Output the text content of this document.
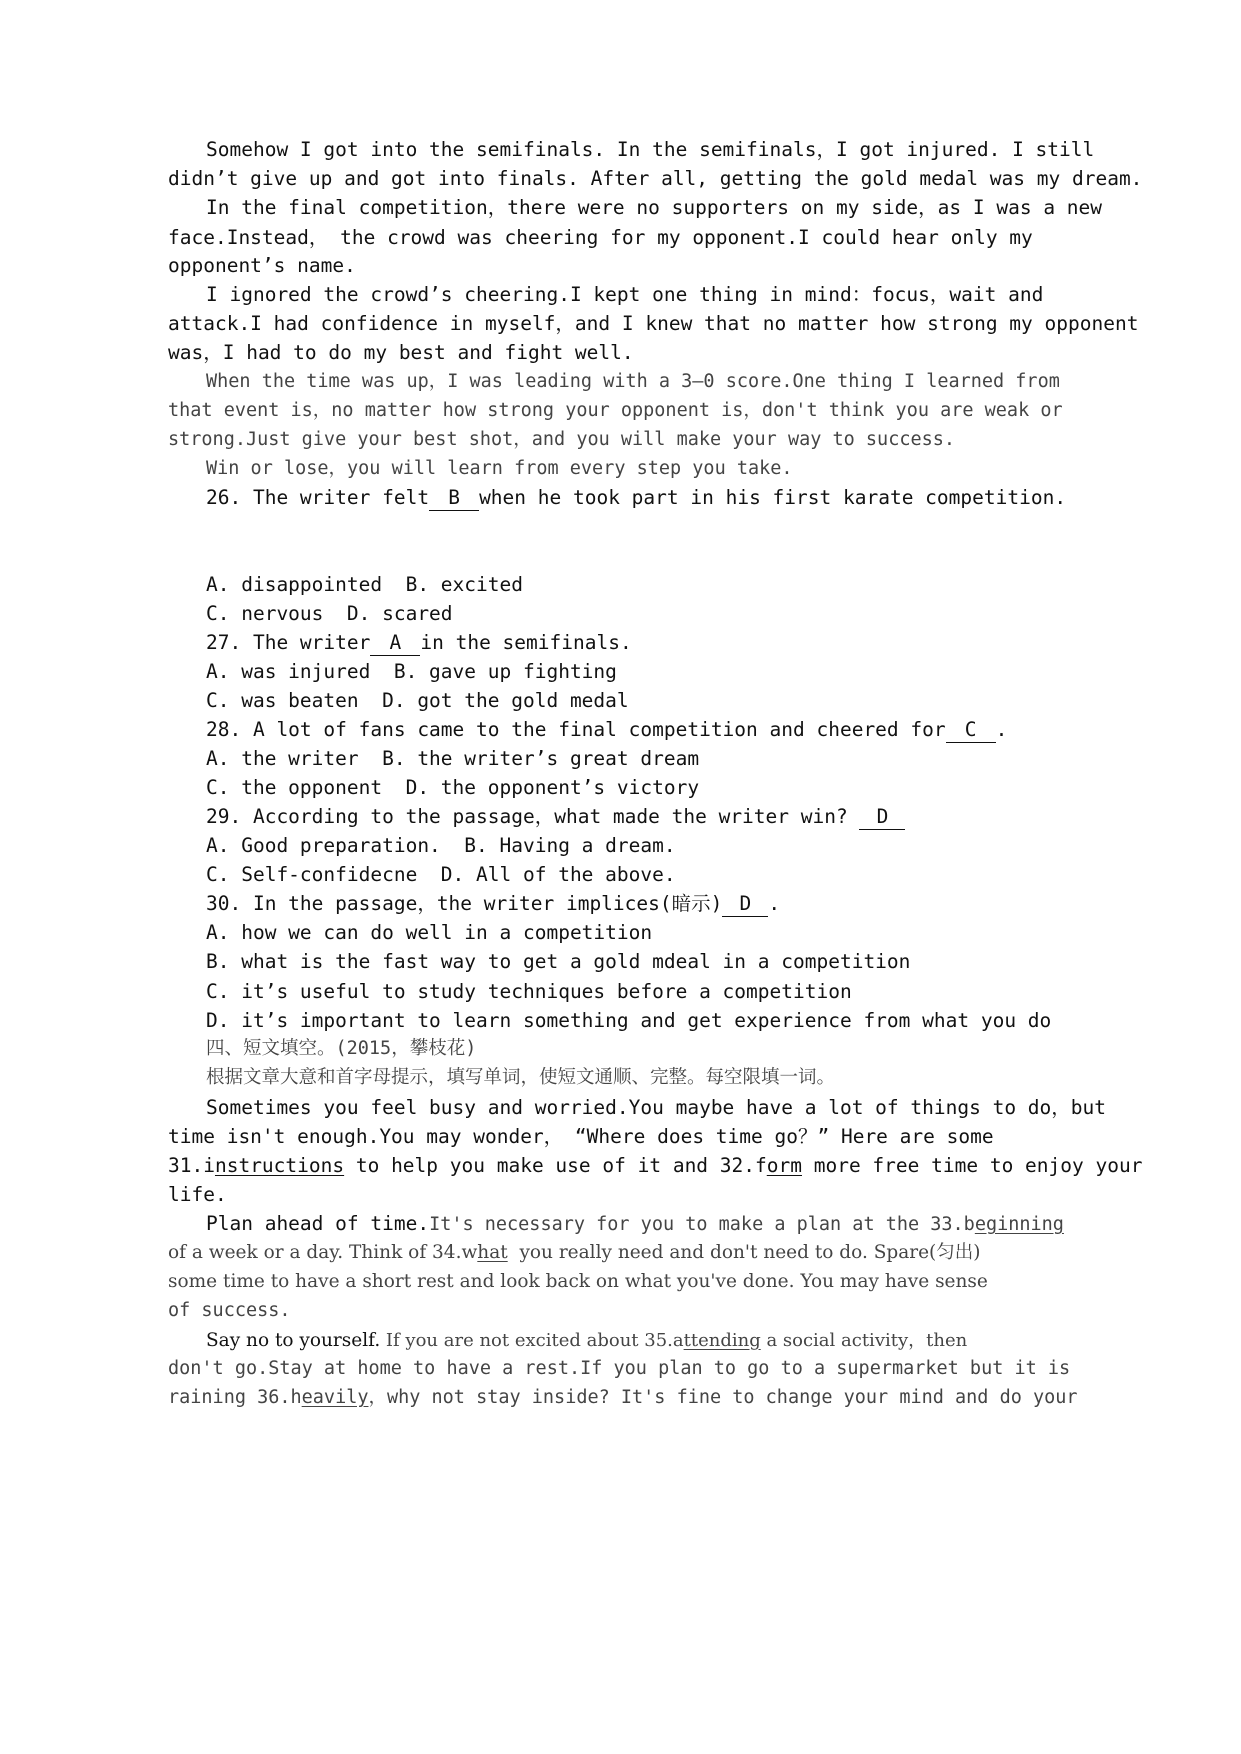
Somehow I got into the semifinals. In the semifinals，I got injured. I still
didn’t give up and got into finals. After all, getting the gold medal was my dream.
In the final competition，there were no supporters on my side，as I was a new
face.Instead， the crowd was cheering for my opponent.I could hear only my
opponent’s name.
I ignored the crowd’s cheering.I kept one thing in mind：focus，wait and
attack.I had confidence in myself，and I knew that no matter how strong my opponent
was，I had to do my best and fight well.
When the time was up，I was leading with a 3—0 score.One thing I learned from
that event is，no matter how strong your opponent is，don't think you are weak or
strong.Just give your best shot，and you will make your way to success.
Win or lose，you will learn from every step you take.
26. The writer felt B when he took part in his first karate competition.
A. disappointed  B. excited
C. nervous  D. scared
27. The writer A in the semifinals.
A. was injured  B. gave up fighting
C. was beaten  D. got the gold medal
28. A lot of fans came to the final competition and cheered for C .
A. the writer  B. the writer’s great dream
C. the opponent  D. the opponent’s victory
29. According to the passage，what made the writer win? D
A. Good preparation.  B. Having a dream.
C. Self-confidecne  D. All of the above.
30. In the passage，the writer implices(暗示) D .
A. how we can do well in a competition
B. what is the fast way to get a gold mdeal in a competition
C. it’s useful to study techniques before a competition
D. it’s important to learn something and get experience from what you do
四、短文填空。(2015，攀枝花)
根据文章大意和首字母提示，填写单词，使短文通顺、完整。每空限填一词。
Sometimes you feel busy and worried.You maybe have a lot of things to do，but
time isn't enough.You may wonder， “Where does time go？” Here are some
31.instructions to help you make use of it and 32.form more free time to enjoy your
life.
Plan ahead of time.It's necessary for you to make a plan at the 33.beginning
of a week or a day. Think of 34.what  you really need and don't need to do. Spare(匀出)
some time to have a short rest and look back on what you've done. You may have sense
of success.
Say no to yourself. If you are not excited about 35.attending a social activity，then
don't go.Stay at home to have a rest.If you plan to go to a supermarket but it is
raining 36.heavily，why not stay inside? It's fine to change your mind and do your
